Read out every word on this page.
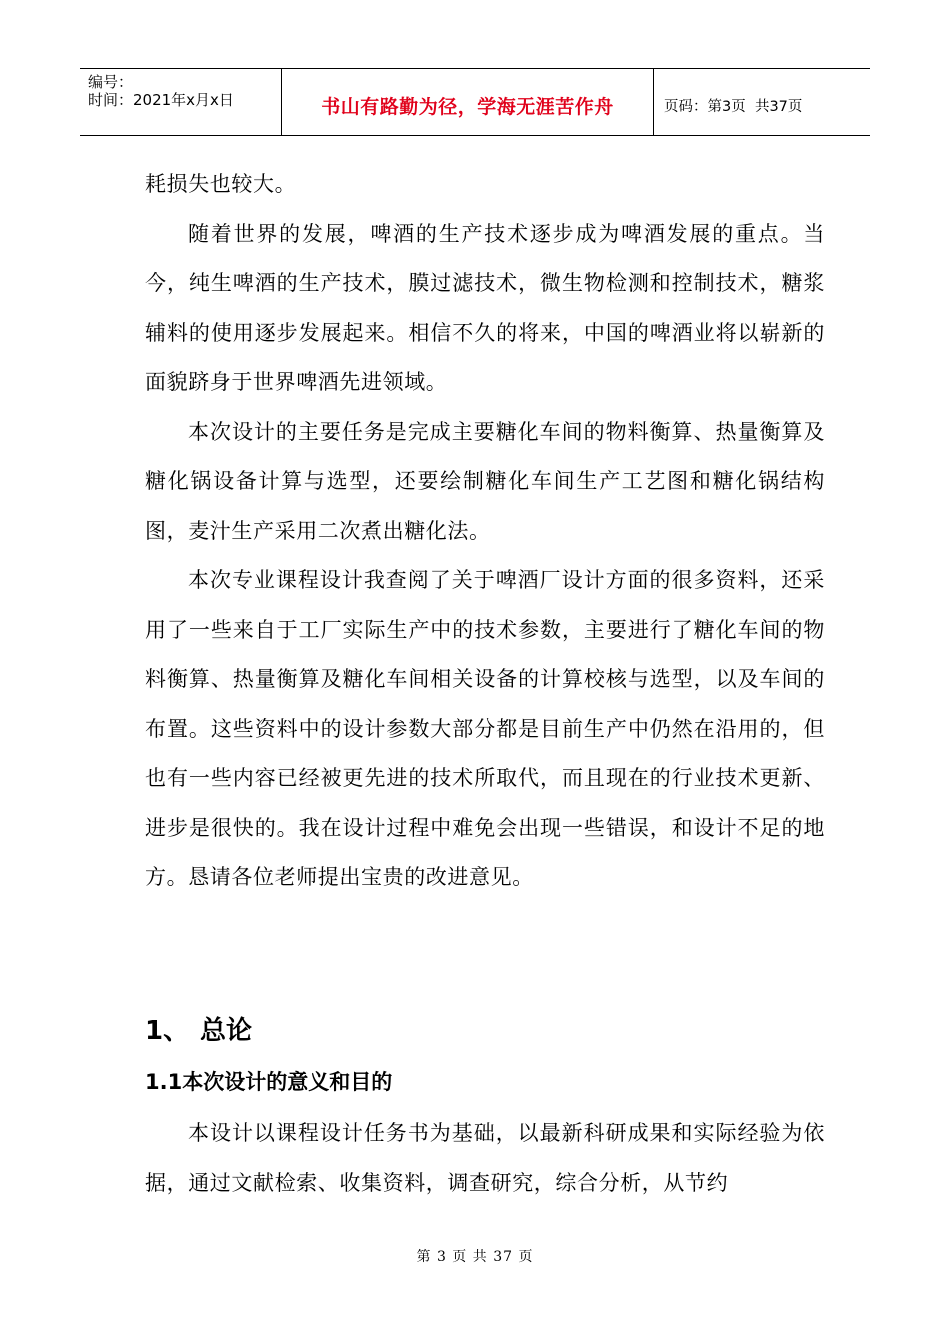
编号：
时间：2021年x月x日	书山有路勤为径，学海无涯苦作舟	页码：第3页  共37页

耗损失也较大。

随着世界的发展，啤酒的生产技术逐步成为啤酒发展的重点。当今，纯生啤酒的生产技术，膜过滤技术，微生物检测和控制技术，糖浆辅料的使用逐步发展起来。相信不久的将来，中国的啤酒业将以崭新的面貌跻身于世界啤酒先进领域。

本次设计的主要任务是完成主要糖化车间的物料衡算、热量衡算及糖化锅设备计算与选型，还要绘制糖化车间生产工艺图和糖化锅结构图，麦汁生产采用二次煮出糖化法。

本次专业课程设计我查阅了关于啤酒厂设计方面的很多资料，还采用了一些来自于工厂实际生产中的技术参数，主要进行了糖化车间的物料衡算、热量衡算及糖化车间相关设备的计算校核与选型，以及车间的布置。这些资料中的设计参数大部分都是目前生产中仍然在沿用的，但也有一些内容已经被更先进的技术所取代，而且现在的行业技术更新、进步是很快的。我在设计过程中难免会出现一些错误，和设计不足的地方。恳请各位老师提出宝贵的改进意见。

1、 总论
1.1本次设计的意义和目的

本设计以课程设计任务书为基础，以最新科研成果和实际经验为依据，通过文献检索、收集资料，调查研究，综合分析，从节约

第 3 页 共 37 页
